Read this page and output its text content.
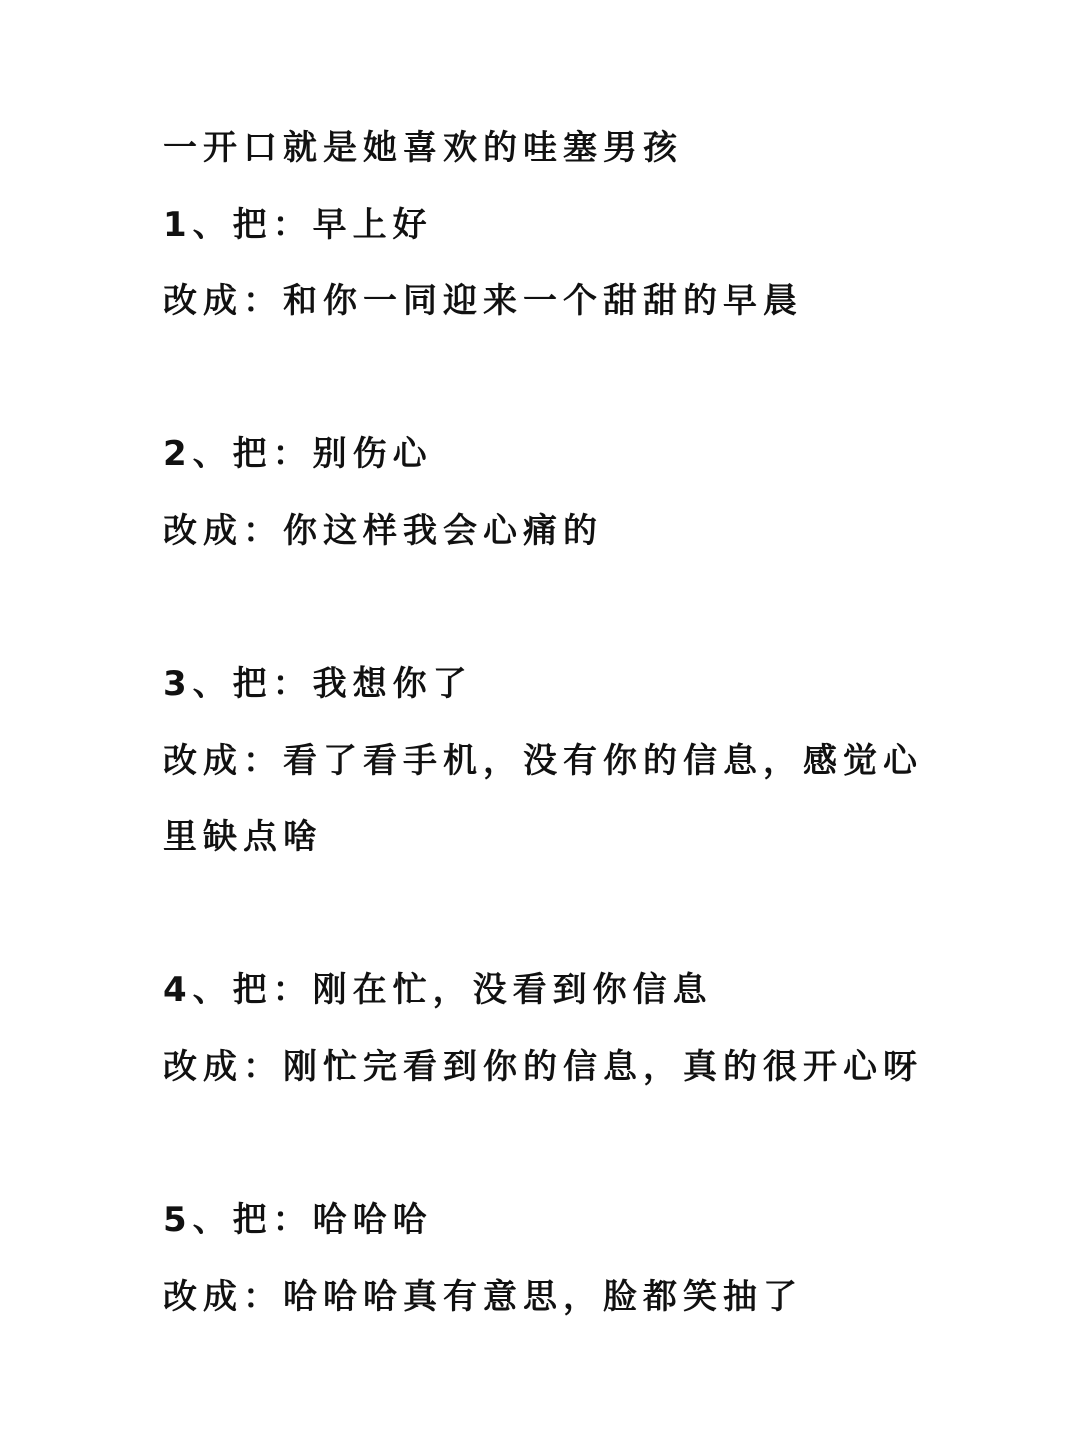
一开口就是她喜欢的哇塞男孩
1、把：早上好
改成：和你一同迎来一个甜甜的早晨
2、把：别伤心
改成：你这样我会心痛的
3、把：我想你了
改成：看了看手机，没有你的信息，感觉心
里缺点啥
4、把：刚在忙，没看到你信息
改成：刚忙完看到你的信息，真的很开心呀
5、把：哈哈哈
改成：哈哈哈真有意思，脸都笑抽了
